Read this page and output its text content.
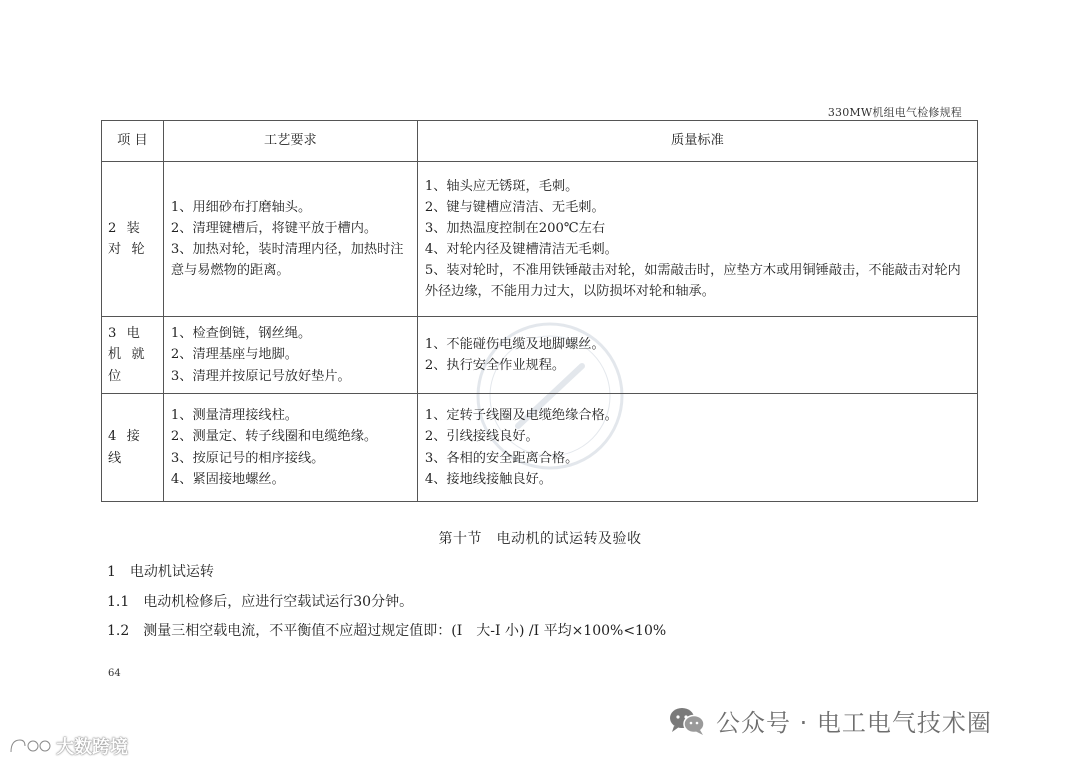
330MW机组电气检修规程
项 目	工艺要求	质量标准
2 装 对 轮	1、用细砂布打磨轴头。
2、清理键槽后，将键平放于槽内。
3、加热对轮，装时清理内径，加热时注意与易燃物的距离。	1、轴头应无锈斑，毛刺。
2、键与键槽应清洁、无毛刺。
3、加热温度控制在200℃左右
4、对轮内径及键槽清洁无毛刺。
5、装对轮时，不准用铁锤敲击对轮，如需敲击时，应垫方木或用铜锤敲击，不能敲击对轮内外径边缘，不能用力过大，以防损坏对轮和轴承。

3 电 机 就位	1、检查倒链，钢丝绳。
2、清理基座与地脚。
3、清理并按原记号放好垫片。	1、不能碰伤电缆及地脚螺丝。
2、执行安全作业规程。

4 接 线	1、测量清理接线柱。
2、测量定、转子线圈和电缆绝缘。
3、按原记号的相序接线。
4、紧固接地螺丝。	1、定转子线圈及电缆绝缘合格。
2、引线接线良好。
3、各相的安全距离合格。
4、接地线接触良好。
第十节　电动机的试运转及验收
1　电动机试运转
1.1　电动机检修后，应进行空载试运行30分钟。
1.2　测量三相空载电流，不平衡值不应超过规定值即：(I　大-I 小) /I 平均×100%<10%
64
公众号 · 电工电气技术圈
大数跨境
